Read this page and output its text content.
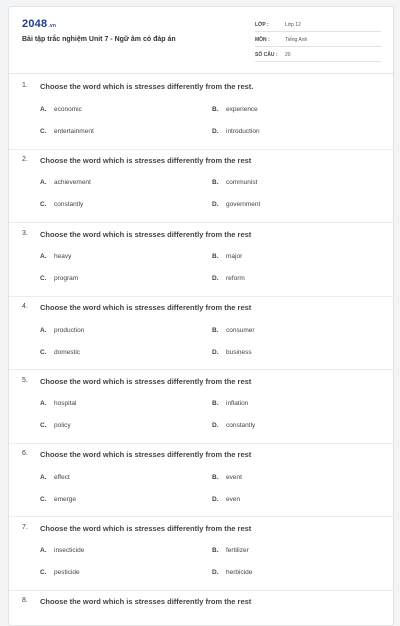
2048.vn
Bài tập trắc nghiệm Unit 7 - Ngữ âm có đáp án
LỚP :	Lớp 12
MÔN :	Tiếng Anh
SỐ CÂU : 20
1. Choose the word which is stresses differently from the rest.
A. economic	B. experience
C. entertainment	D. introduction
2. Choose the word which is stresses differently from the rest
A. achievement	B. communist
C. constantly	D. government
3. Choose the word which is stresses differently from the rest
A. heavy	B. major
C. program	D. reform
4. Choose the word which is stresses differently from the rest
A. production	B. consumer
C. domestic	D. business
5. Choose the word which is stresses differently from the rest
A. hospital	B. inflation
C. policy	D. constantly
6. Choose the word which is stresses differently from the rest
A. effect	B. event
C. emerge	D. even
7. Choose the word which is stresses differently from the rest
A. insecticide	B. fertilizer
C. pesticide	D. herbicide
8. Choose the word which is stresses differently from the rest
